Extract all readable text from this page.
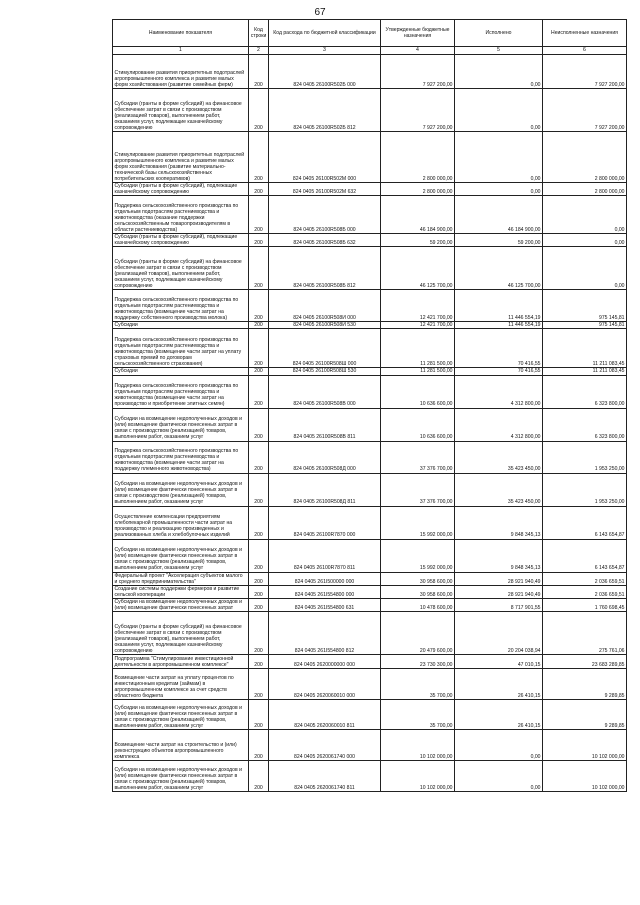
67
Наименование показателя	Код строки	Код расхода по бюджетной классификации	Утвержденные бюджетные назначения	Исполнено	Неисполненные назначения
1	2	3	4	5	6
Стимулирование развития приоритетных подотраслей агропромышленного комплекса и развитие малых форм хозяйствования (развитие семейных ферм)	200	824 0405 26100R502Б 000	7 927 200,00	0,00	7 927 200,00
Субсидии (гранты в форме субсидий) на финансовое обеспечение затрат в связи с производством (реализацией товаров), выполнением работ, оказанием услуг, подлежащие казначейскому сопровождению	200	824 0405 26100R502Б 812	7 927 200,00	0,00	7 927 200,00
Стимулирование развития приоритетных подотраслей агропромышленного комплекса и развитие малых форм хозяйствования (развитие материально-технической базы сельскохозяйственных потребительских кооперативов)	200	824 0405 26100R502М 000	2 800 000,00	0,00	2 800 000,00
Субсидии (гранты в форме субсидий), подлежащие казначейскому сопровождению	200	824 0405 26100R502М 632	2 800 000,00	0,00	2 800 000,00
Поддержка сельскохозяйственного производства по отдельным подотраслям растениеводства и животноводства (оказание поддержки сельскохозяйственным товаропроизводителям в области растениеводства)	200	824 0405 26100R508Б 000	46 184 900,00	46 184 900,00	0,00
Субсидии (гранты в форме субсидий), подлежащие казначейскому сопровождению	200	824 0405 26100R508Б 632	59 200,00	59 200,00	0,00
Субсидии (гранты в форме субсидий) на финансовое обеспечение затрат в связи с производством (реализацией товаров), выполнением работ, оказанием услуг, подлежащие казначейскому сопровождению	200	824 0405 26100R508Б 812	46 125 700,00	46 125 700,00	0,00
Поддержка сельскохозяйственного производства по отдельным подотраслям растениеводства и животноводства (возмещение части затрат на поддержку собственного производства молока)	200	824 0405 26100R508И 000	12 421 700,00	11 446 554,19	975 145,81
Субсидии	200	824 0405 26100R508И 530	12 421 700,00	11 446 554,19	975 145,81
Поддержка сельскохозяйственного производства по отдельным подотраслям растениеводства и животноводства (возмещение части затрат на уплату страховых премий по договорам сельскохозяйственного страхования)	200	824 0405 26100R508Ш 000	11 281 500,00	70 416,55	11 211 083,45
Субсидии	200	824 0405 26100R508Ш 530	11 281 500,00	70 416,55	11 211 083,45
Поддержка сельскохозяйственного производства по отдельным подотраслям растениеводства и животноводства (возмещение части затрат на производство и приобретение элитных семян)	200	824 0405 26100R508В 000	10 636 600,00	4 312 800,00	6 323 800,00
Субсидии на возмещение недополученных доходов и (или) возмещение фактически понесенных затрат в связи с производством (реализацией) товаров, выполнением работ, оказанием услуг	200	824 0405 26100R508В 811	10 636 600,00	4 312 800,00	6 323 800,00
Поддержка сельскохозяйственного производства по отдельным подотраслям растениеводства и животноводства (возмещение части затрат на поддержку племенного животноводства)	200	824 0405 26100R508Д 000	37 376 700,00	35 423 450,00	1 953 250,00
Субсидии на возмещение недополученных доходов и (или) возмещение фактически понесенных затрат в связи с производством (реализацией) товаров, выполнением работ, оказанием услуг	200	824 0405 26100R508Д 811	37 376 700,00	35 423 450,00	1 953 250,00
Осуществление компенсации предприятиям хлебопекарной промышленности части затрат на производство и реализацию произведенных и реализованных хлеба и хлебобулочных изделий	200	824 0405 26100R7870 000	15 992 000,00	9 848 345,13	6 143 654,87
Субсидии на возмещение недополученных доходов и (или) возмещение фактически понесенных затрат в связи с производством (реализацией) товаров, выполнением работ, оказанием услуг	200	824 0405 26100R7870 811	15 992 000,00	9 848 345,13	6 143 654,87
Федеральный проект "Акселерация субъектов малого и среднего предпринимательства"	200	824 0405 261I500000 000	30 958 600,00	28 921 940,49	2 036 659,51
Создание системы поддержки фермеров и развитие сельской кооперации	200	824 0405 261I554800 000	30 958 600,00	28 921 940,49	2 036 659,51
Субсидии на возмещение недополученных доходов и (или) возмещение фактически понесенных затрат	200	824 0405 261I554800 631	10 478 600,00	8 717 901,55	1 760 698,45
Субсидии (гранты в форме субсидий) на финансовое обеспечение затрат в связи с производством (реализацией товаров), выполнением работ, оказанием услуг, подлежащие казначейскому сопровождению	200	824 0405 261I554800 812	20 479 600,00	20 204 038,94	275 761,06
Подпрограмма "Стимулирование инвестиционной деятельности в агропромышленном комплексе"	200	824 0405 2620000000 000	23 730 300,00	47 010,15	23 683 289,85
Возмещение части затрат на уплату процентов по инвестиционным кредитам (займам) в агропромышленном комплексе за счет средств областного бюджета	200	824 0405 2620060010 000	35 700,00	26 410,15	9 289,85
Субсидии на возмещение недополученных доходов и (или) возмещение фактически понесенных затрат в связи с производством (реализацией) товаров, выполнением работ, оказанием услуг	200	824 0405 2620060010 811	35 700,00	26 410,15	9 289,85
Возмещение части затрат на строительство и (или) реконструкцию объектов агропромышленного комплекса	200	824 0405 2620061740 000	10 102 000,00	0,00	10 102 000,00
Субсидии на возмещение недополученных доходов и (или) возмещение фактически понесенных затрат в связи с производством (реализацией) товаров, выполнением работ, оказанием услуг	200	824 0405 2620061740 811	10 102 000,00	0,00	10 102 000,00
